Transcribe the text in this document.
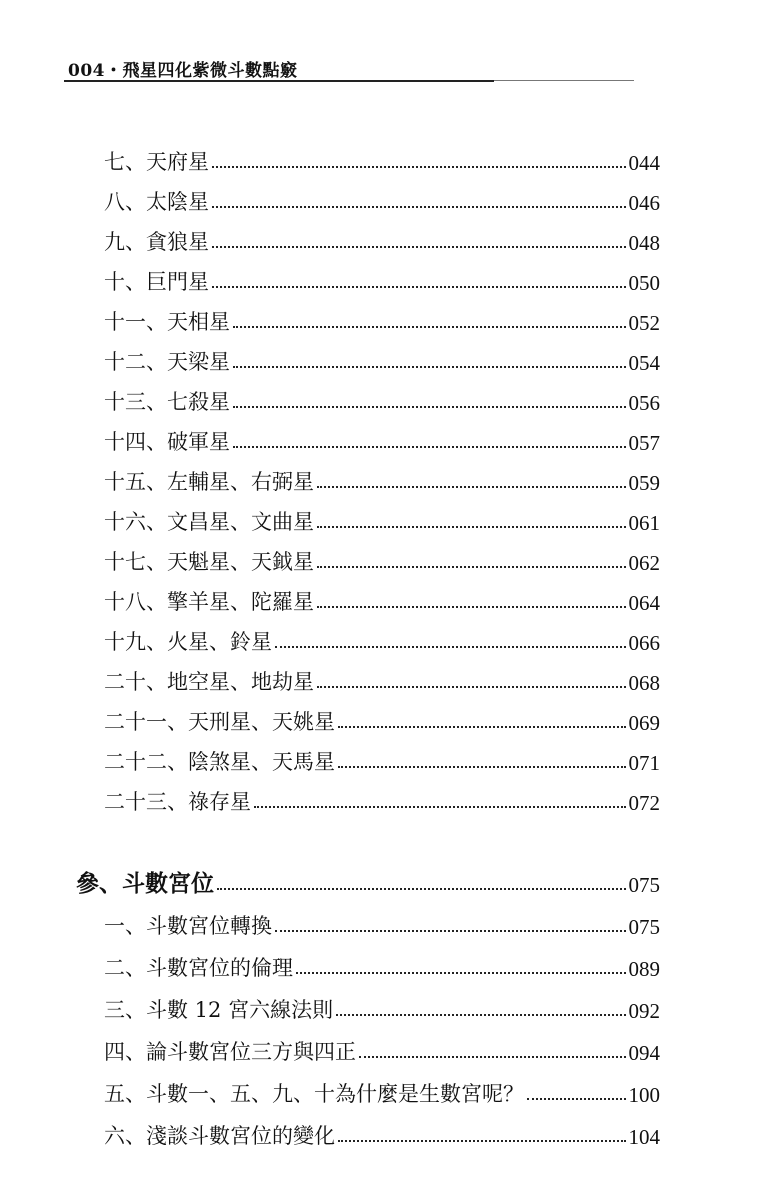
004・飛星四化紫微斗數點竅
七、天府星	044
八、太陰星	046
九、貪狼星	048
十、巨門星	050
十一、天相星	052
十二、天梁星	054
十三、七殺星	056
十四、破軍星	057
十五、左輔星、右弼星	059
十六、文昌星、文曲星	061
十七、天魁星、天鉞星	062
十八、擎羊星、陀羅星	064
十九、火星、鈴星	066
二十、地空星、地劫星	068
二十一、天刑星、天姚星	069
二十二、陰煞星、天馬星	071
二十三、祿存星	072
參、斗數宮位	075
一、斗數宮位轉換	075
二、斗數宮位的倫理	089
三、斗數 12 宮六線法則	092
四、論斗數宮位三方與四正	094
五、斗數一、五、九、十為什麼是生數宮呢？	100
六、淺談斗數宮位的變化	104
